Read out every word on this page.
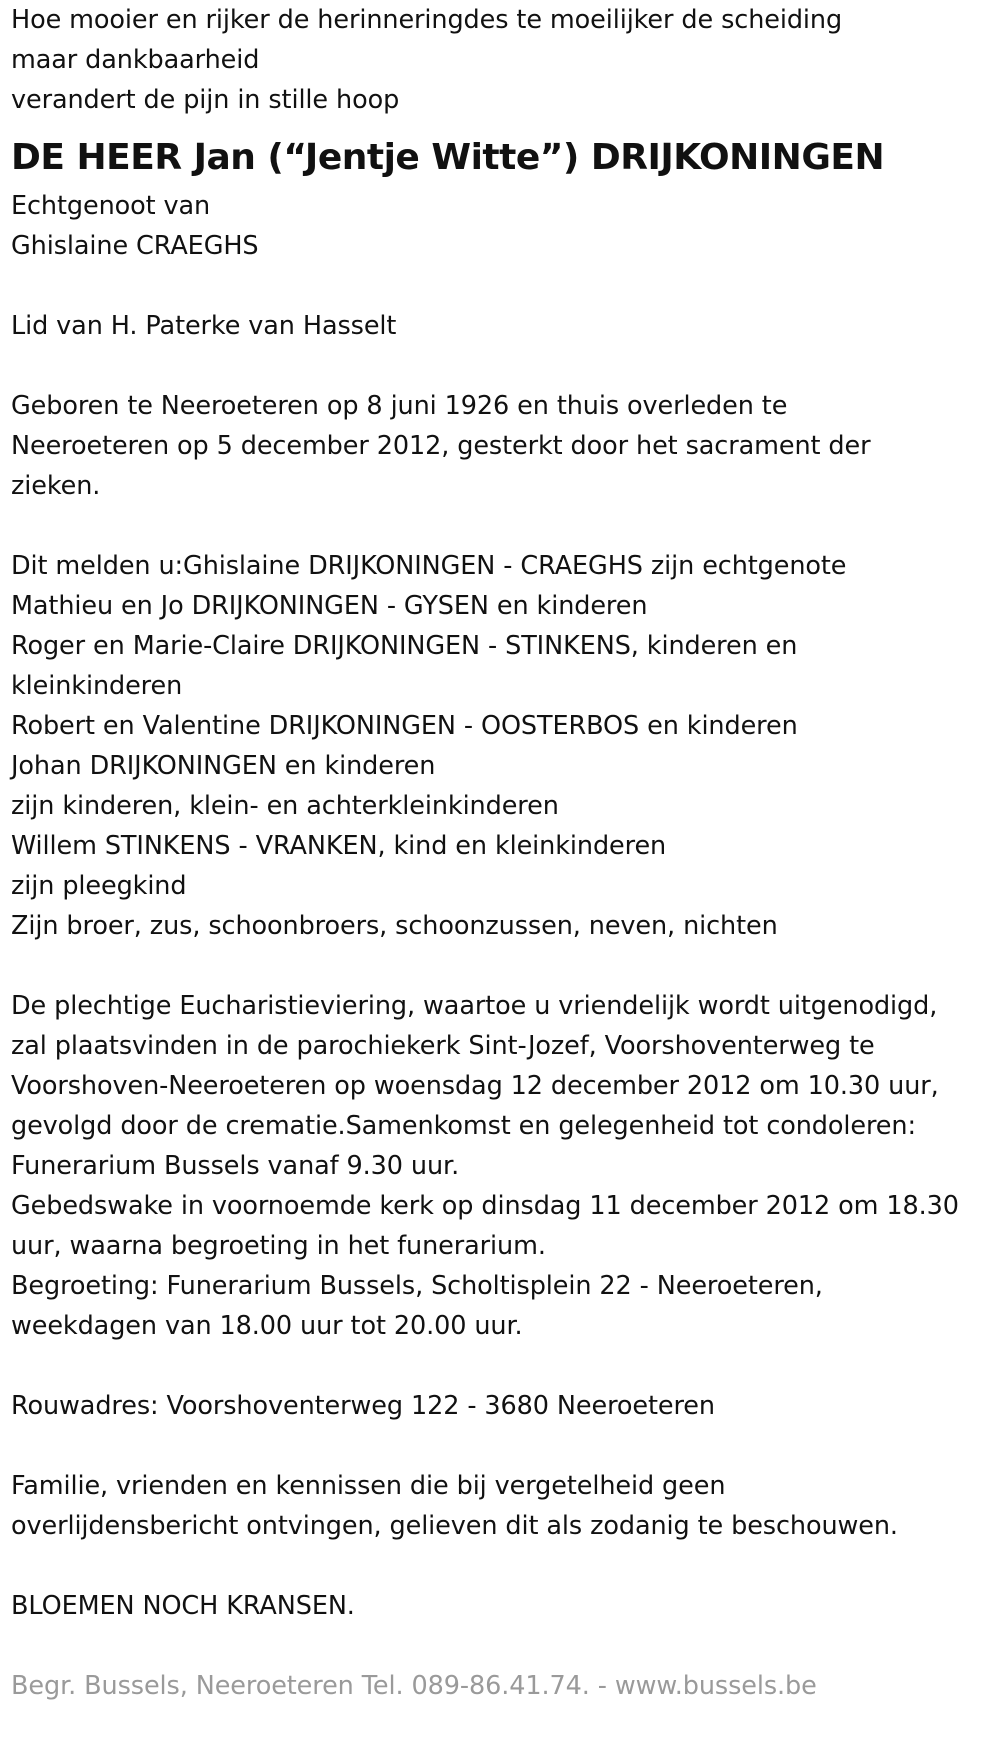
Hoe mooier en rijker de herinneringdes te moeilijker de scheiding
maar dankbaarheid
verandert de pijn in stille hoop
DE HEER Jan (“Jentje Witte”) DRIJKONINGEN
Echtgenoot van
Ghislaine CRAEGHS
Lid van H. Paterke van Hasselt
Geboren te Neeroeteren op 8 juni 1926 en thuis overleden te
Neeroeteren op 5 december 2012, gesterkt door het sacrament der
zieken.
Dit melden u:Ghislaine DRIJKONINGEN - CRAEGHS zijn echtgenote
Mathieu en Jo DRIJKONINGEN - GYSEN en kinderen
Roger en Marie-Claire DRIJKONINGEN - STINKENS, kinderen en
kleinkinderen
Robert en Valentine DRIJKONINGEN - OOSTERBOS en kinderen
Johan DRIJKONINGEN en kinderen
zijn kinderen, klein- en achterkleinkinderen
Willem STINKENS - VRANKEN, kind en kleinkinderen
zijn pleegkind
Zijn broer, zus, schoonbroers, schoonzussen, neven, nichten
De plechtige Eucharistieviering, waartoe u vriendelijk wordt uitgenodigd,
zal plaatsvinden in de parochiekerk Sint-Jozef, Voorshoventerweg te
Voorshoven-Neeroeteren op woensdag 12 december 2012 om 10.30 uur,
gevolgd door de crematie.Samenkomst en gelegenheid tot condoleren:
Funerarium Bussels vanaf 9.30 uur.
Gebedswake in voornoemde kerk op dinsdag 11 december 2012 om 18.30
uur, waarna begroeting in het funerarium.
Begroeting: Funerarium Bussels, Scholtisplein 22 - Neeroeteren,
weekdagen van 18.00 uur tot 20.00 uur.
Rouwadres: Voorshoventerweg 122 - 3680 Neeroeteren
Familie, vrienden en kennissen die bij vergetelheid geen
overlijdensbericht ontvingen, gelieven dit als zodanig te beschouwen.
BLOEMEN NOCH KRANSEN.
Begr. Bussels, Neeroeteren Tel. 089-86.41.74. - www.bussels.be
